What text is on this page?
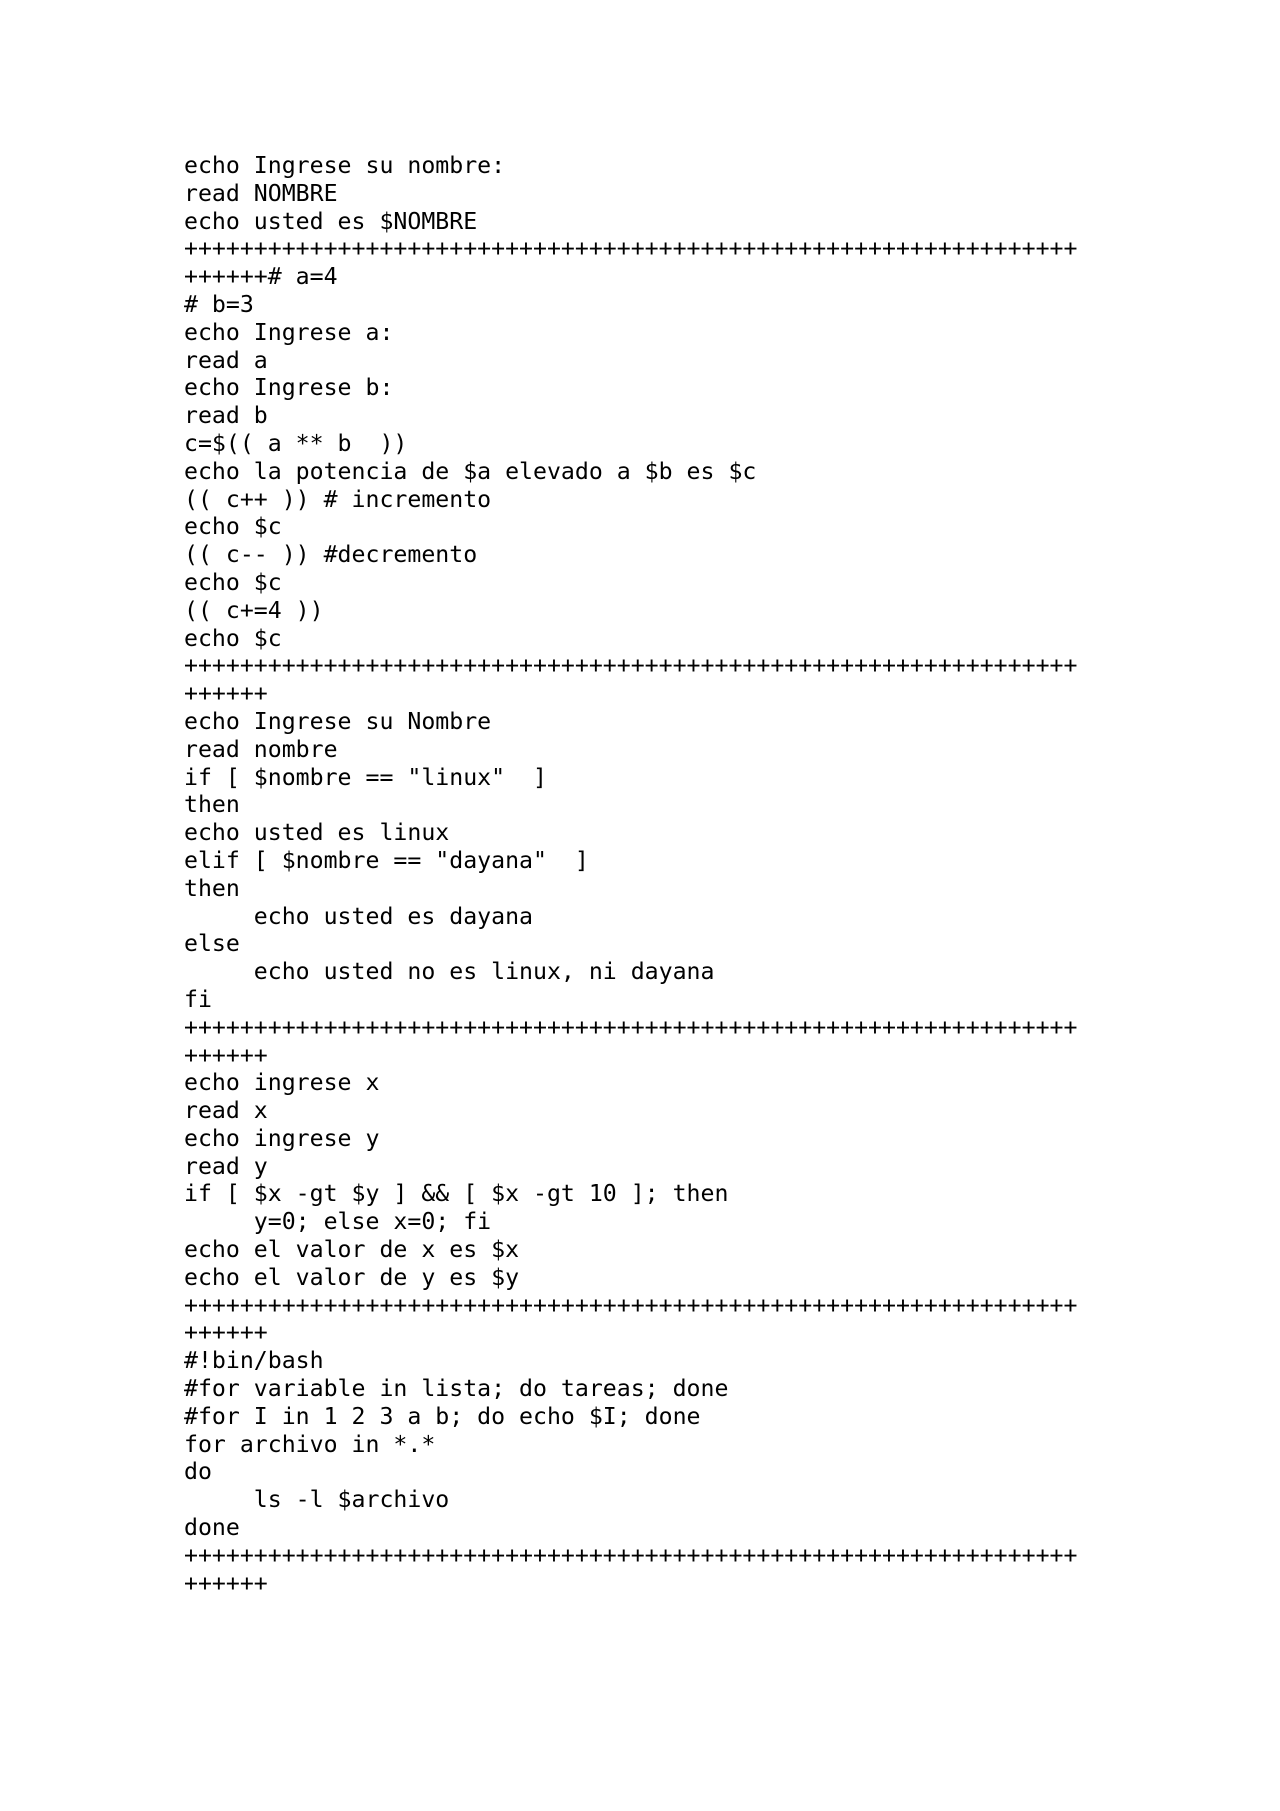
echo Ingrese su nombre:
read NOMBRE
echo usted es $NOMBRE
++++++++++++++++++++++++++++++++++++++++++++++++++++++++++++++++
++++++# a=4
# b=3
echo Ingrese a:
read a
echo Ingrese b:
read b
c=$(( a ** b  ))
echo la potencia de $a elevado a $b es $c
(( c++ )) # incremento
echo $c
(( c-- )) #decremento
echo $c
(( c+=4 ))
echo $c
++++++++++++++++++++++++++++++++++++++++++++++++++++++++++++++++
++++++
echo Ingrese su Nombre
read nombre
if [ $nombre == "linux"  ]
then
echo usted es linux
elif [ $nombre == "dayana"  ]
then
echo usted es dayana
else
echo usted no es linux, ni dayana
fi
++++++++++++++++++++++++++++++++++++++++++++++++++++++++++++++++
++++++
echo ingrese x
read x
echo ingrese y
read y
if [ $x -gt $y ] && [ $x -gt 10 ]; then
y=0; else x=0; fi
echo el valor de x es $x
echo el valor de y es $y
++++++++++++++++++++++++++++++++++++++++++++++++++++++++++++++++
++++++
#!bin/bash
#for variable in lista; do tareas; done
#for I in 1 2 3 a b; do echo $I; done
for archivo in *.*
do
ls -l $archivo
done
++++++++++++++++++++++++++++++++++++++++++++++++++++++++++++++++
++++++
